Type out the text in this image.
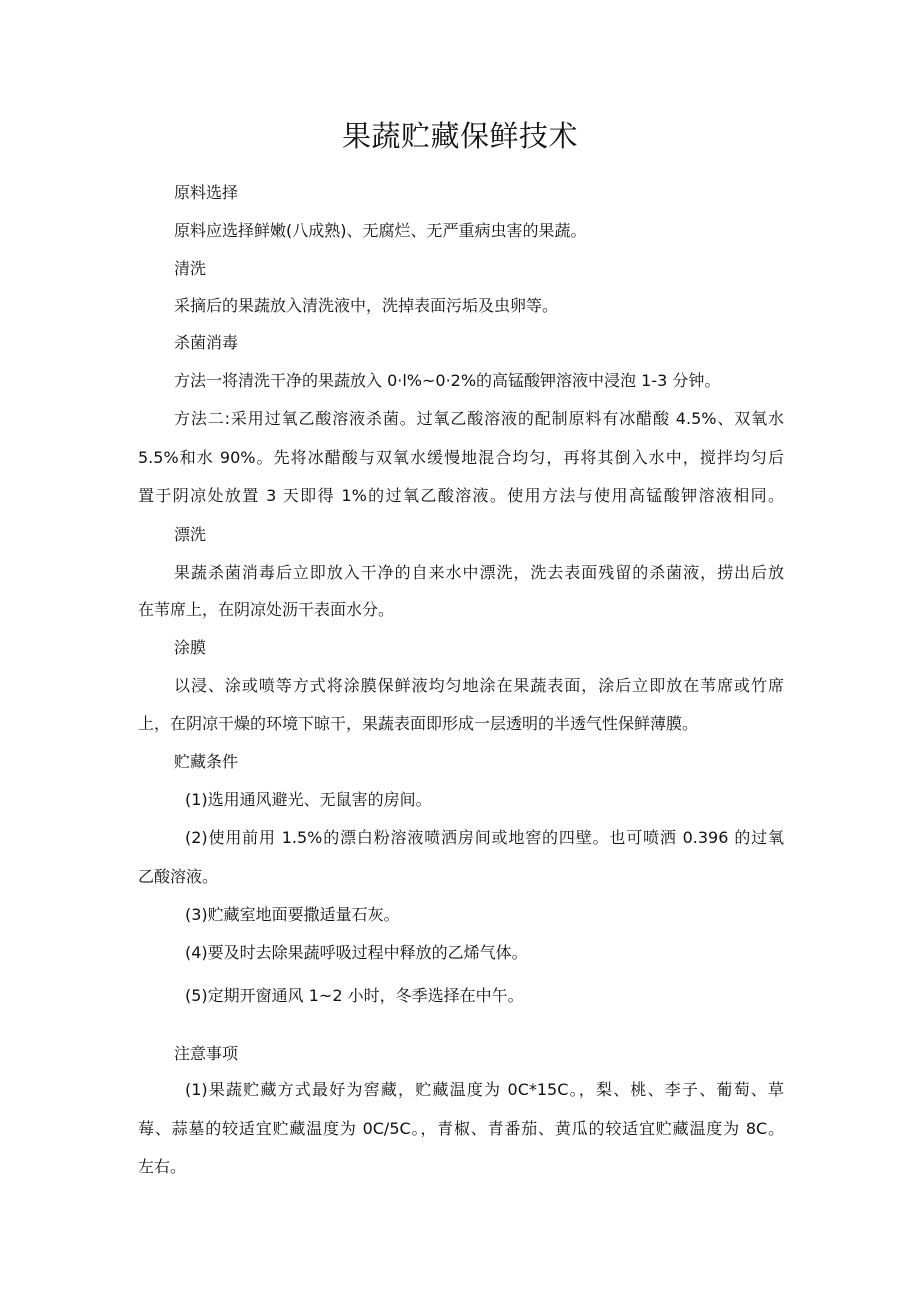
果蔬贮藏保鲜技术

原料选择

原料应选择鲜嫩(八成熟)、无腐烂、无严重病虫害的果蔬。

清洗

采摘后的果蔬放入清洗液中，洗掉表面污垢及虫卵等。

杀菌消毒

方法一将清洗干净的果蔬放入 0·l%~0·2%的高锰酸钾溶液中浸泡 1-3 分钟。

方法二:采用过氧乙酸溶液杀菌。过氧乙酸溶液的配制原料有冰醋酸 4.5%、双氧水

5.5%和水 90%。先将冰醋酸与双氧水缓慢地混合均匀，再将其倒入水中，搅拌均匀后

置于阴凉处放置 3 天即得 1%的过氧乙酸溶液。使用方法与使用高锰酸钾溶液相同。

漂洗

果蔬杀菌消毒后立即放入干净的自来水中漂洗，洗去表面残留的杀菌液，捞出后放

在苇席上，在阴凉处沥干表面水分。

涂膜

以浸、涂或喷等方式将涂膜保鲜液均匀地涂在果蔬表面，涂后立即放在苇席或竹席

上，在阴凉干燥的环境下晾干，果蔬表面即形成一层透明的半透气性保鲜薄膜。

贮藏条件

(1)选用通风避光、无鼠害的房间。

(2)使用前用 1.5%的漂白粉溶液喷洒房间或地窖的四壁。也可喷洒 0.396 的过氧

乙酸溶液。

(3)贮藏室地面要撒适量石灰。

(4)要及时去除果蔬呼吸过程中释放的乙烯气体。

(5)定期开窗通风 1~2 小时，冬季选择在中午。

注意事项

(1)果蔬贮藏方式最好为窖藏，贮藏温度为 0C*15C。，梨、桃、李子、葡萄、草

莓、蒜墓的较适宜贮藏温度为 0C/5C。，青椒、青番茄、黄瓜的较适宜贮藏温度为 8C。

左右。
